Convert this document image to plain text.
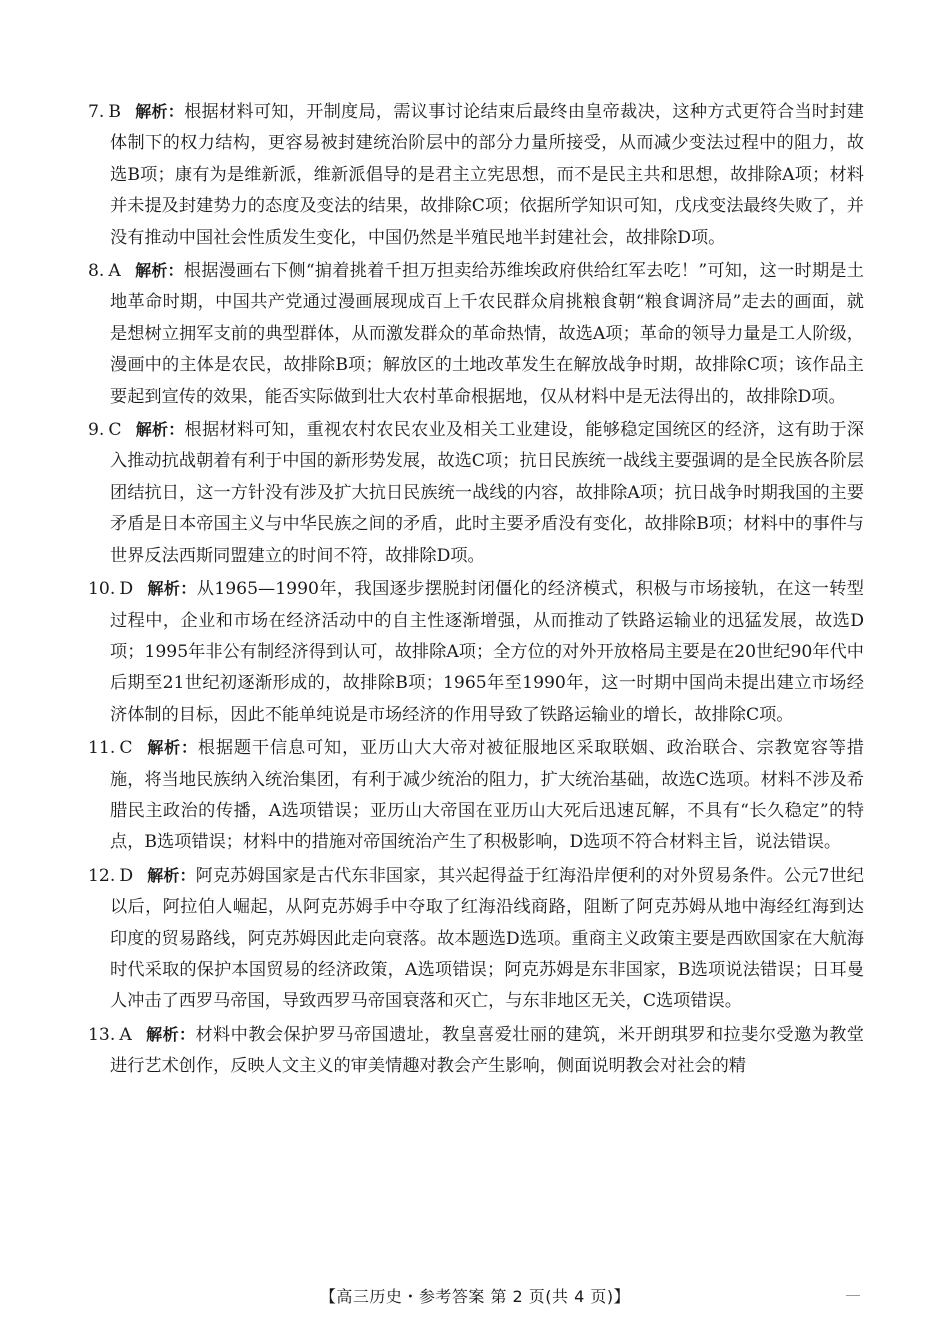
7. B 解析：根据材料可知，开制度局，需议事讨论结束后最终由皇帝裁决，这种方式更符合当时封建体制下的权力结构，更容易被封建统治阶层中的部分力量所接受，从而减少变法过程中的阻力，故选B项；康有为是维新派，维新派倡导的是君主立宪思想，而不是民主共和思想，故排除A项；材料并未提及封建势力的态度及变法的结果，故排除C项；依据所学知识可知，戊戌变法最终失败了，并没有推动中国社会性质发生变化，中国仍然是半殖民地半封建社会，故排除D项。
8. A 解析：根据漫画右下侧“掮着挑着千担万担卖给苏维埃政府供给红军去吃！”可知，这一时期是土地革命时期，中国共产党通过漫画展现成百上千农民群众肩挑粮食朝“粮食调济局”走去的画面，就是想树立拥军支前的典型群体，从而激发群众的革命热情，故选A项；革命的领导力量是工人阶级，漫画中的主体是农民，故排除B项；解放区的土地改革发生在解放战争时期，故排除C项；该作品主要起到宣传的效果，能否实际做到壮大农村革命根据地，仅从材料中是无法得出的，故排除D项。
9. C 解析：根据材料可知，重视农村农民农业及相关工业建设，能够稳定国统区的经济，这有助于深入推动抗战朝着有利于中国的新形势发展，故选C项；抗日民族统一战线主要强调的是全民族各阶层团结抗日，这一方针没有涉及扩大抗日民族统一战线的内容，故排除A项；抗日战争时期我国的主要矛盾是日本帝国主义与中华民族之间的矛盾，此时主要矛盾没有变化，故排除B项；材料中的事件与世界反法西斯同盟建立的时间不符，故排除D项。
10. D 解析：从1965—1990年，我国逐步摆脱封闭僵化的经济模式，积极与市场接轨，在这一转型过程中，企业和市场在经济活动中的自主性逐渐增强，从而推动了铁路运输业的迅猛发展，故选D项；1995年非公有制经济得到认可，故排除A项；全方位的对外开放格局主要是在20世纪90年代中后期至21世纪初逐渐形成的，故排除B项；1965年至1990年，这一时期中国尚未提出建立市场经济体制的目标，因此不能单纯说是市场经济的作用导致了铁路运输业的增长，故排除C项。
11. C 解析：根据题干信息可知，亚历山大大帝对被征服地区采取联姻、政治联合、宗教宽容等措施，将当地民族纳入统治集团，有利于减少统治的阻力，扩大统治基础，故选C选项。材料不涉及希腊民主政治的传播，A选项错误；亚历山大帝国在亚历山大死后迅速瓦解，不具有“长久稳定”的特点，B选项错误；材料中的措施对帝国统治产生了积极影响，D选项不符合材料主旨，说法错误。
12. D 解析：阿克苏姆国家是古代东非国家，其兴起得益于红海沿岸便利的对外贸易条件。公元7世纪以后，阿拉伯人崛起，从阿克苏姆手中夺取了红海沿线商路，阻断了阿克苏姆从地中海经红海到达印度的贸易路线，阿克苏姆因此走向衰落。故本题选D选项。重商主义政策主要是西欧国家在大航海时代采取的保护本国贸易的经济政策，A选项错误；阿克苏姆是东非国家，B选项说法错误；日耳曼人冲击了西罗马帝国，导致西罗马帝国衰落和灭亡，与东非地区无关，C选项错误。
13. A 解析：材料中教会保护罗马帝国遗址，教皇喜爱壮丽的建筑，米开朗琪罗和拉斐尔受邀为教堂进行艺术创作，反映人文主义的审美情趣对教会产生影响，侧面说明教会对社会的精
【高三历史・参考答案 第 2 页(共 4 页)】
